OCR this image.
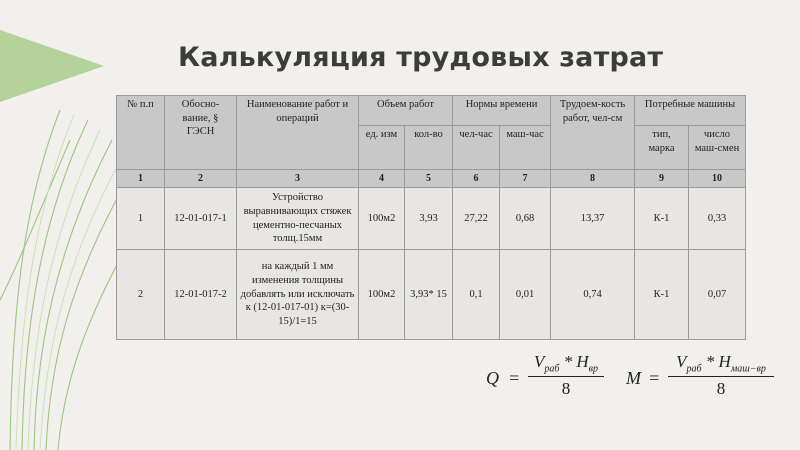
Калькуляция трудовых затрат
№ п.п	Обосно-вание, § ГЭСН	Наименование работ и операций	Объем работ		Нормы времени		Трудоем-кость работ, чел-см	Потребные машины	
			ед. изм	кол-во	чел-час	маш-час		тип, марка	число маш-смен
1	2	3	4	5	6	7	8	9	10
1	12-01-017-1	Устройство выравнивающих стяжек цементно-песчаных толщ.15мм	100м2	3,93	27,22	0,68	13,37	К-1	0,33
2	12-01-017-2	на каждый 1 мм изменения толщины добавлять или исключать к (12-01-017-01) к=(30-15)/1=15	100м2	3,93* 15	0,1	0,01	0,74	К-1	0,07
Q =
$V_{раб} * H_{вр}$
8
M =
$V_{раб} * H_{маш-вр}$
8
